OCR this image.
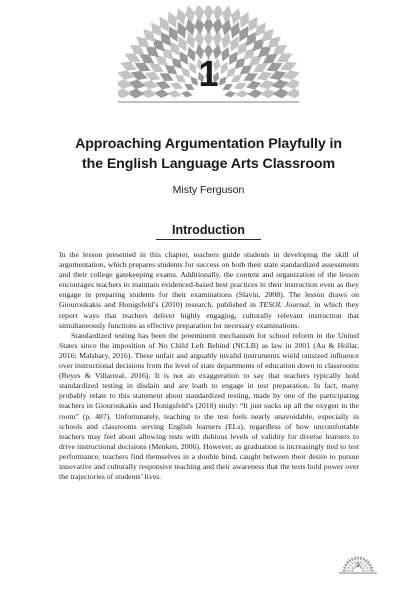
1
Approaching Argumentation Playfully in
the English Language Arts Classroom
Misty Ferguson
Introduction

In the lesson presented in this chapter, teachers guide students in developing the skill of argumentation, which prepares students for success on both their state standardized assessments and their college gatekeeping exams. Additionally, the content and organization of the lesson encourages teachers to maintain evidenced-based best practices in their instruction even as they engage in preparing students for their examinations (Slavin, 2008). The lesson draws on Giouroukakis and Honigsfeld’s (2010) research, published in TESOL Journal, in which they report ways that teachers deliver highly engaging, culturally relevant instruction that simultaneously functions as effective preparation for necessary examinations.

Standardized testing has been the preeminent mechanism for school reform in the United States since the imposition of No Child Left Behind (NCLB) as law in 2001 (Au & Hollar, 2016; Malsbary, 2016). These unfair and arguably invalid instruments wield outsized influence over instructional decisions from the level of state departments of education down to classrooms (Reyes & Villarreal, 2016). It is not an exaggeration to say that teachers typically hold standardized testing in disdain and are loath to engage in test preparation. In fact, many probably relate to this statement about standardized testing, made by one of the participating teachers in Giouroukakis and Honigsfeld’s (2010) study: “It just sucks up all the oxygen in the room” (p. 487). Unfortunately, teaching to the test feels nearly unavoidable, especially in schools and classrooms serving English learners (ELs), regardless of how uncomfortable teachers may feel about allowing tests with dubious levels of validity for diverse learners to drive instructional decisions (Menken, 2006). However, as graduation is increasingly tied to test performance, teachers find themselves in a double bind, caught between their desire to pursue innovative and culturally responsive teaching and their awareness that the tests hold power over the trajectories of students’ lives.

9
